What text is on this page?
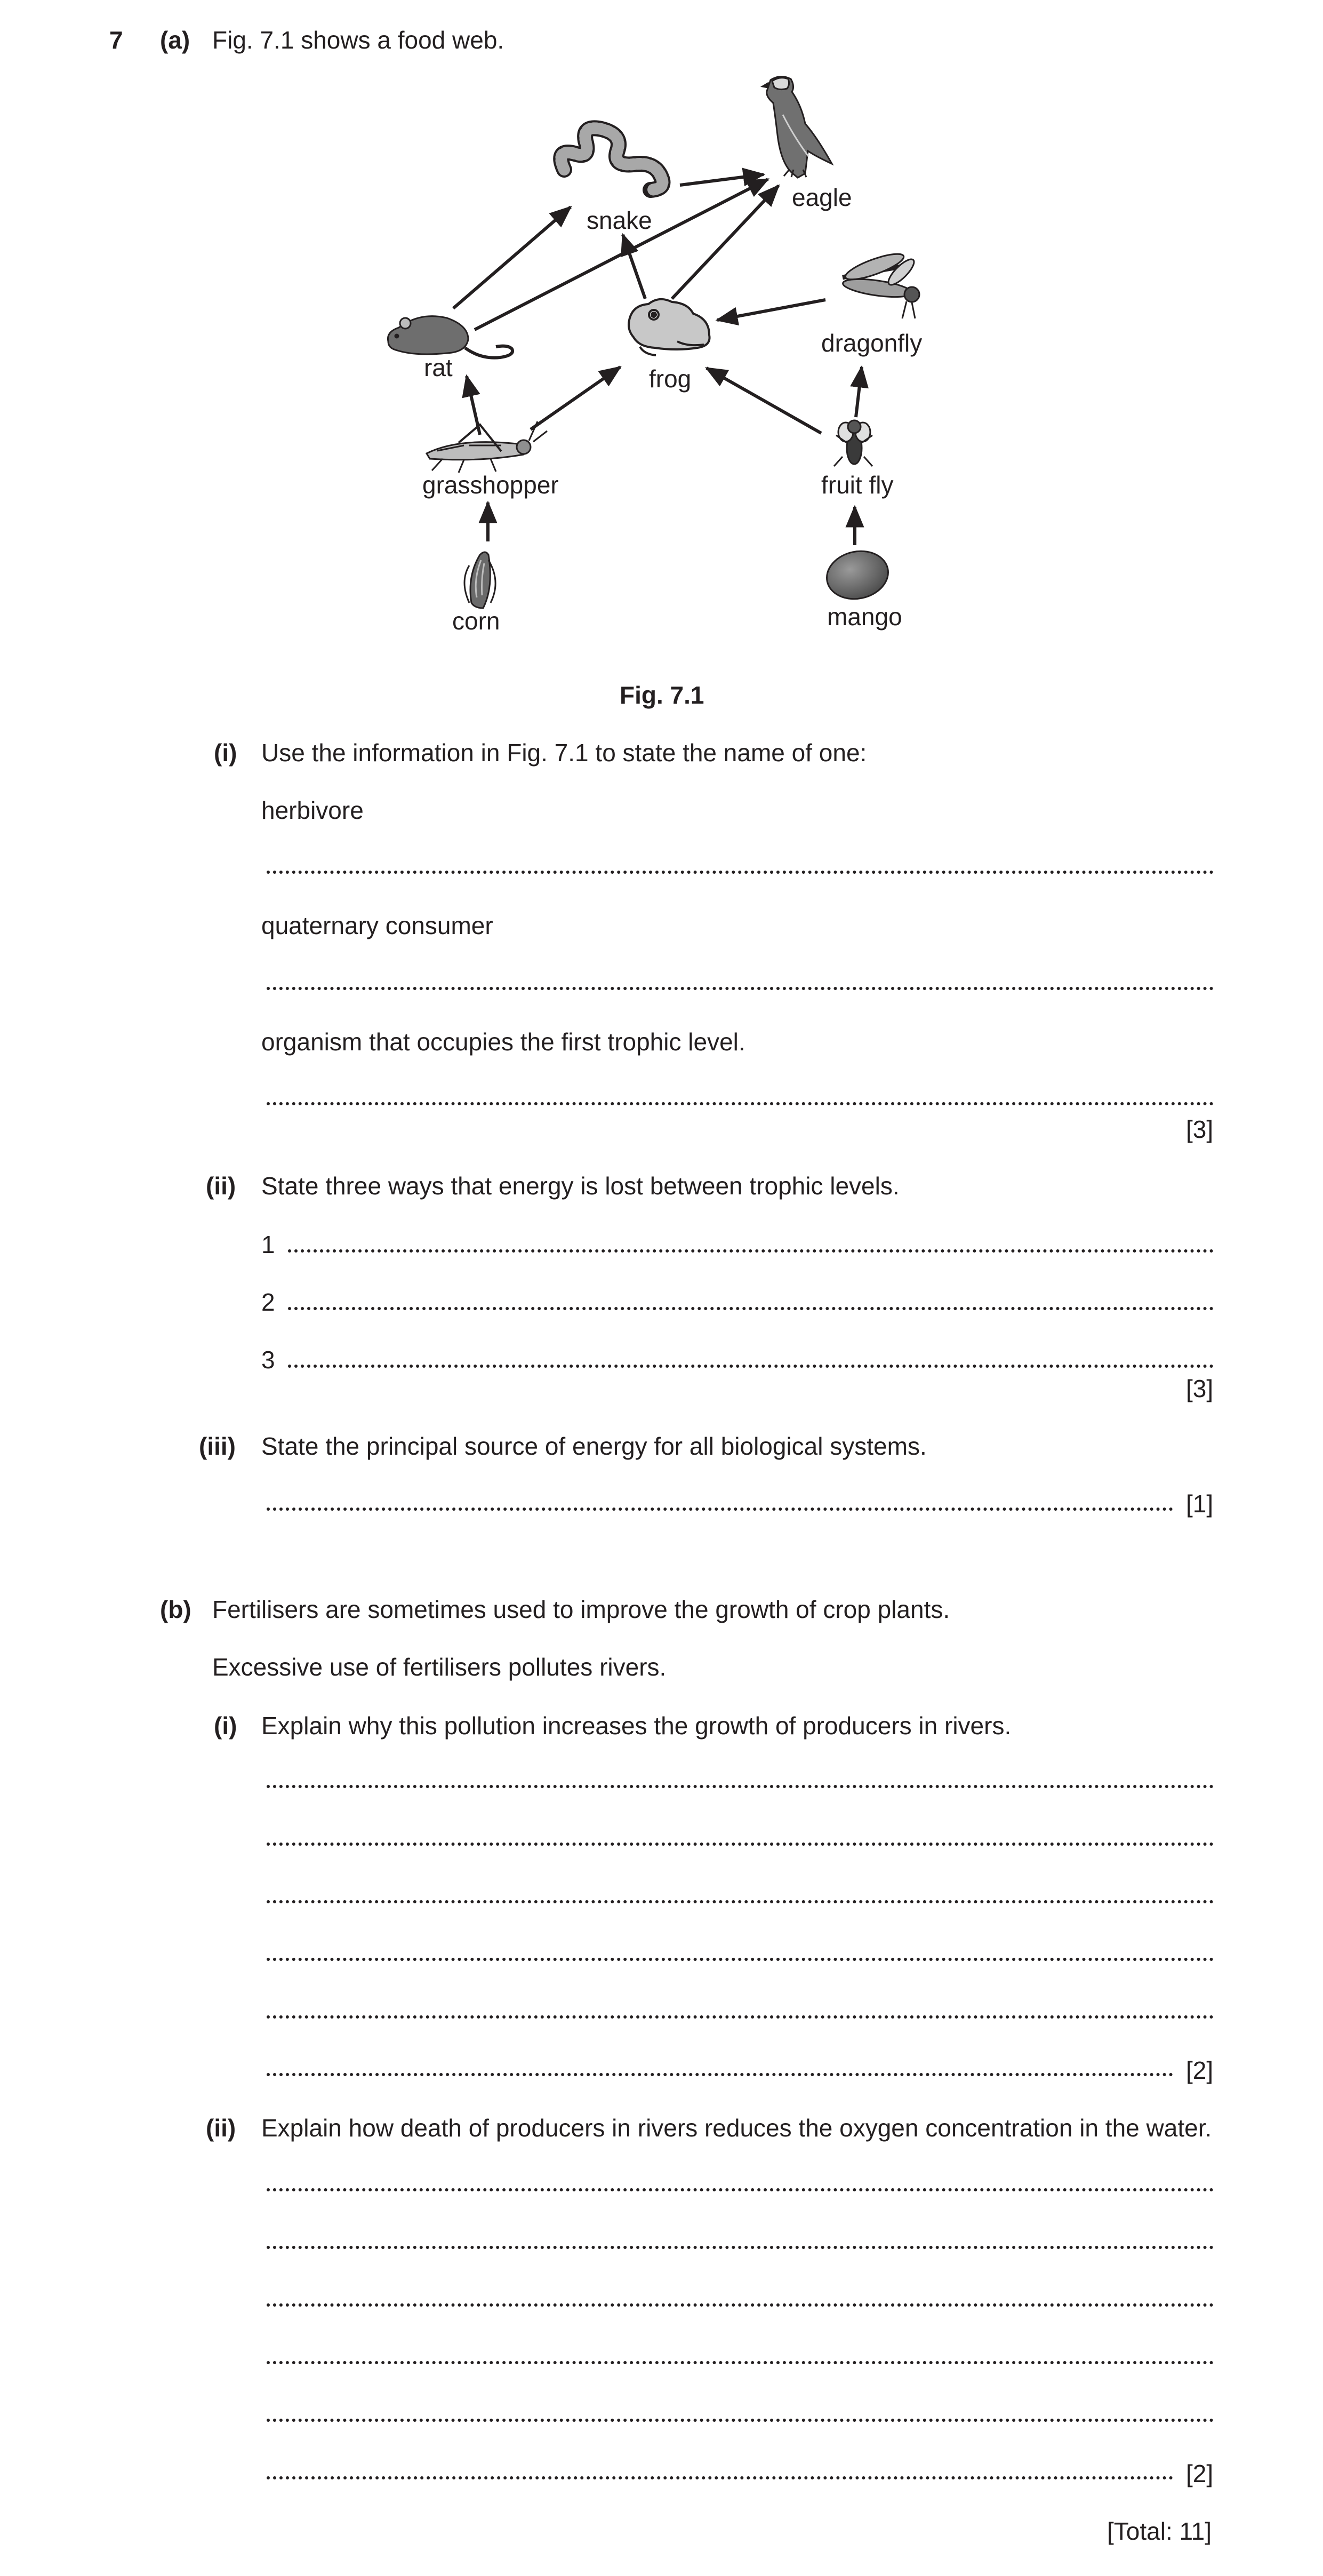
7 (a) Fig. 7.1 shows a food web.
snake
eagle
rat	frog
dragonfly
grasshopper	fruit fly
corn	mango
Fig. 7.1
(i) Use the information in Fig. 7.1 to state the name of one:
herbivore
quaternary consumer
organism that occupies the first trophic level.
[3]
(ii) State three ways that energy is lost between trophic levels.
1
2
3
[3]
(iii) State the principal source of energy for all biological systems.
[1]
(b) Fertilisers are sometimes used to improve the growth of crop plants.
Excessive use of fertilisers pollutes rivers.
(i) Explain why this pollution increases the growth of producers in rivers.
[2]
(ii) Explain how death of producers in rivers reduces the oxygen concentration in the water.
[2]
[Total: 11]
